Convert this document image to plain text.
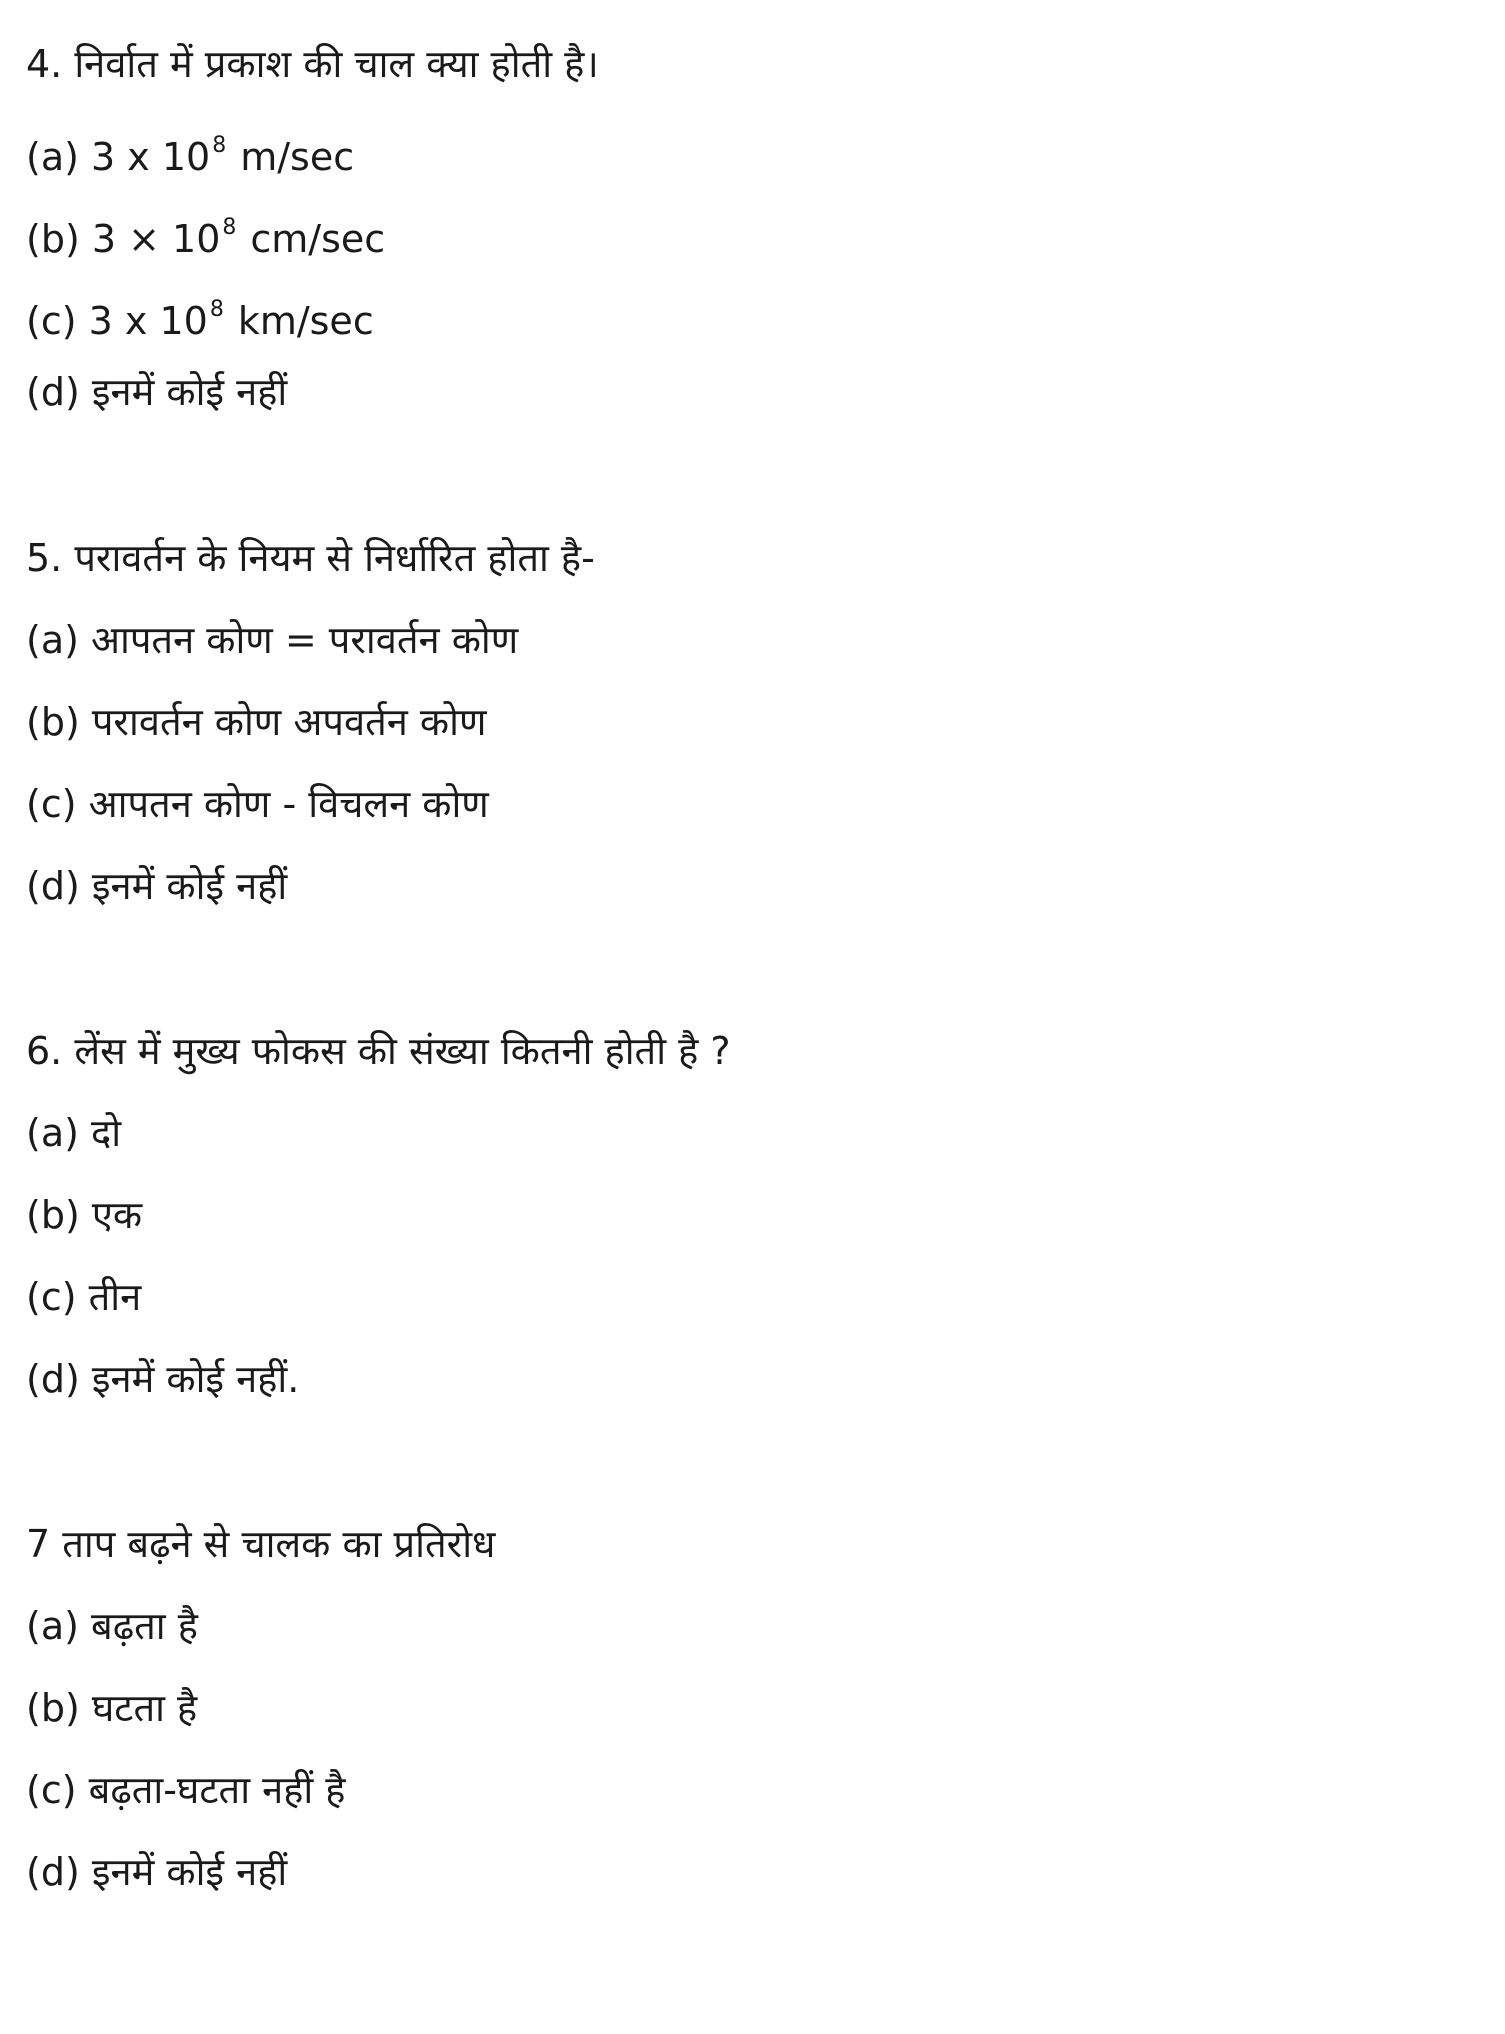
4. निर्वात में प्रकाश की चाल क्या होती है।
(a) 3 x $10^8$ m/sec
(b) $3 \times 10^8$ cm/sec
(c) 3 x $10^8$ km/sec
(d) इनमें कोई नहीं
5. परावर्तन के नियम से निर्धारित होता है-
(a) आपतन कोण = परावर्तन कोण
(b) परावर्तन कोण अपवर्तन कोण
(c) आपतन कोण - विचलन कोण
(d) इनमें कोई नहीं
6. लेंस में मुख्य फोकस की संख्या कितनी होती है ?
(a) दो
(b) एक
(c) तीन
(d) इनमें कोई नहीं.
7 ताप बढ़ने से चालक का प्रतिरोध
(a) बढ़ता है
(b) घटता है
(c) बढ़ता-घटता नहीं है
(d) इनमें कोई नहीं
